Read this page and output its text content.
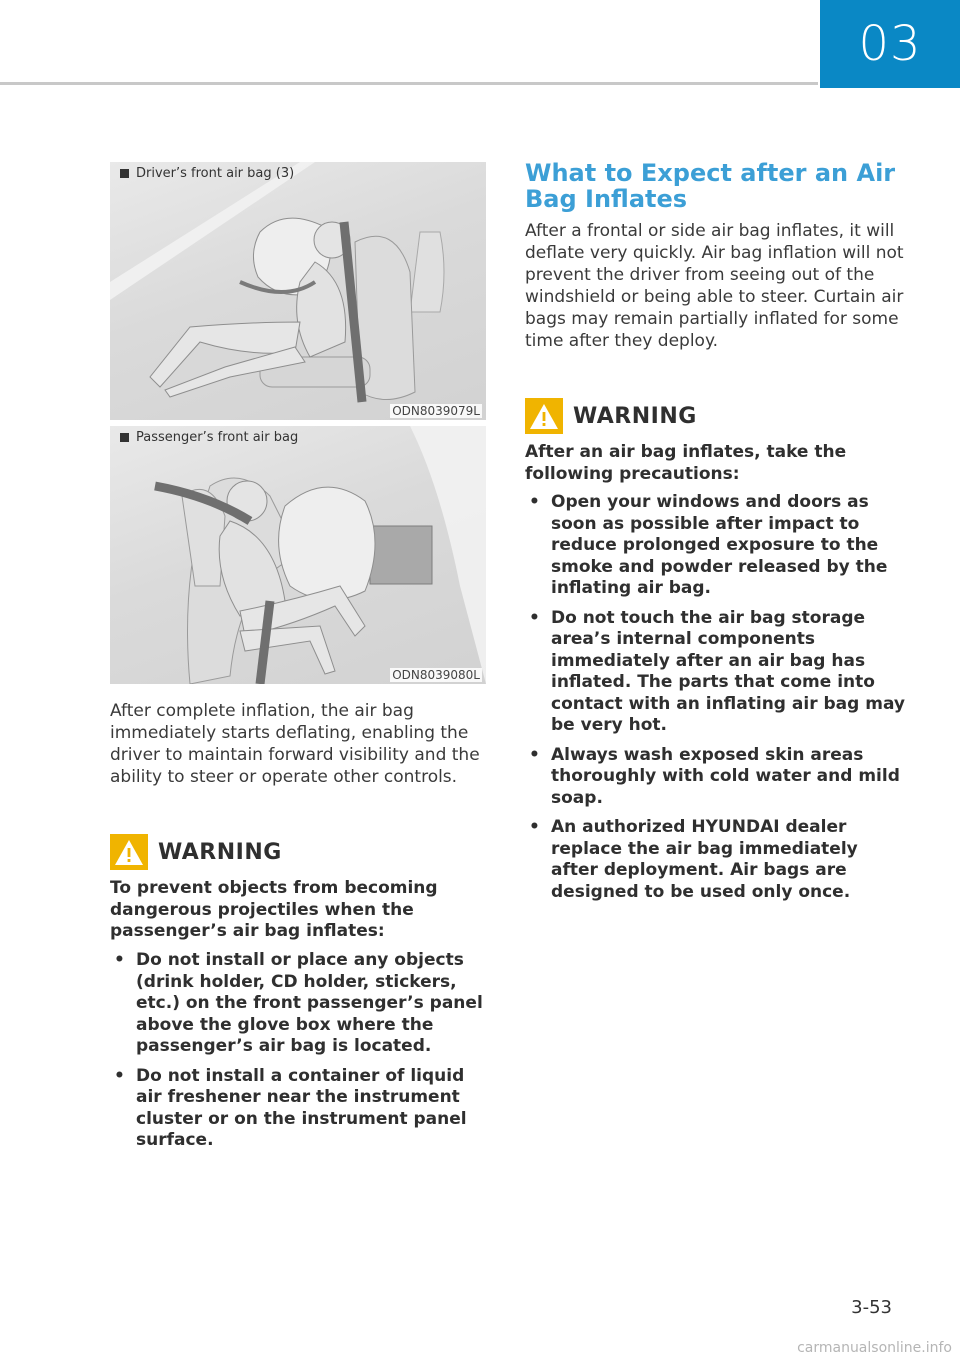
03
Driver’s front air bag (3)
ODN8039079L
Passenger’s front air bag
ODN8039080L
After complete inflation, the air bag immediately starts deflating, enabling the driver to maintain forward visibility and the ability to steer or operate other controls.
WARNING
To prevent objects from becoming dangerous projectiles when the passenger’s air bag inflates:
• Do not install or place any objects (drink holder, CD holder, stickers, etc.) on the front passenger’s panel above the glove box where the passenger’s air bag is located.
• Do not install a container of liquid air freshener near the instrument cluster or on the instrument panel surface.
What to Expect after an Air Bag Inflates
After a frontal or side air bag inflates, it will deflate very quickly. Air bag inflation will not prevent the driver from seeing out of the windshield or being able to steer. Curtain air bags may remain partially inflated for some time after they deploy.
WARNING
After an air bag inflates, take the following precautions:
• Open your windows and doors as soon as possible after impact to reduce prolonged exposure to the smoke and powder released by the inflating air bag.
• Do not touch the air bag storage area’s internal components immediately after an air bag has inflated. The parts that come into contact with an inflating air bag may be very hot.
• Always wash exposed skin areas thoroughly with cold water and mild soap.
• An authorized HYUNDAI dealer replace the air bag immediately after deployment. Air bags are designed to be used only once.
3-53
carmanualsonline.info
